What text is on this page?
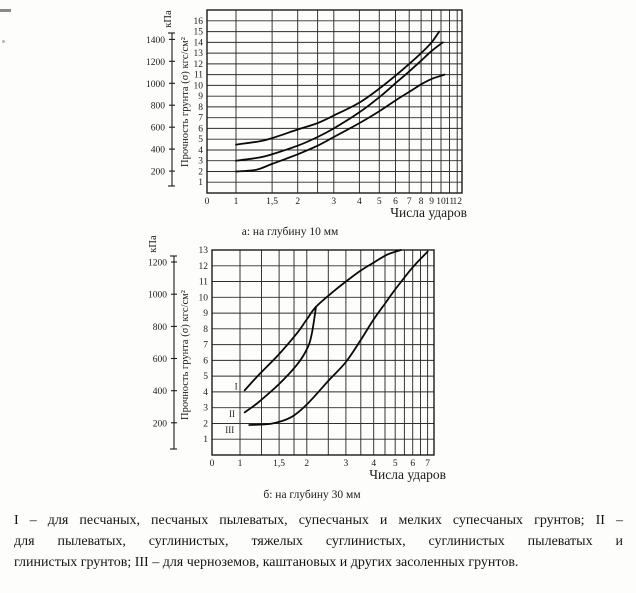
1
2
3
4
5
6
7
8
9
10
11
12
13
14
15
16
0	1	1,5 2	3 4 5 6 7 8 9 10 11
12
1400
1200
1000
800
600
400
200
кПа
Прочность грунта (σ) кгс/см²
Числа ударов
а: на глубину 10 мм
1
2
3
4
5
6
7
8
9
10
11
12
13
0 1	1,5 2	3 4 5 6 7
1200
1000
800
600
400
200
кПа
Прочность грунта (σ) кгс/см²
Числа ударов
б: на глубину 30 мм
I
II
III
I – для песчаных, песчаных пылеватых, супесчаных и мелких супесчаных грунтов; II –
для пылеватых, суглинистых, тяжелых суглинистых, суглинистых пылеватых и
глинистых грунтов; III – для черноземов, каштановых и других засоленных грунтов.
